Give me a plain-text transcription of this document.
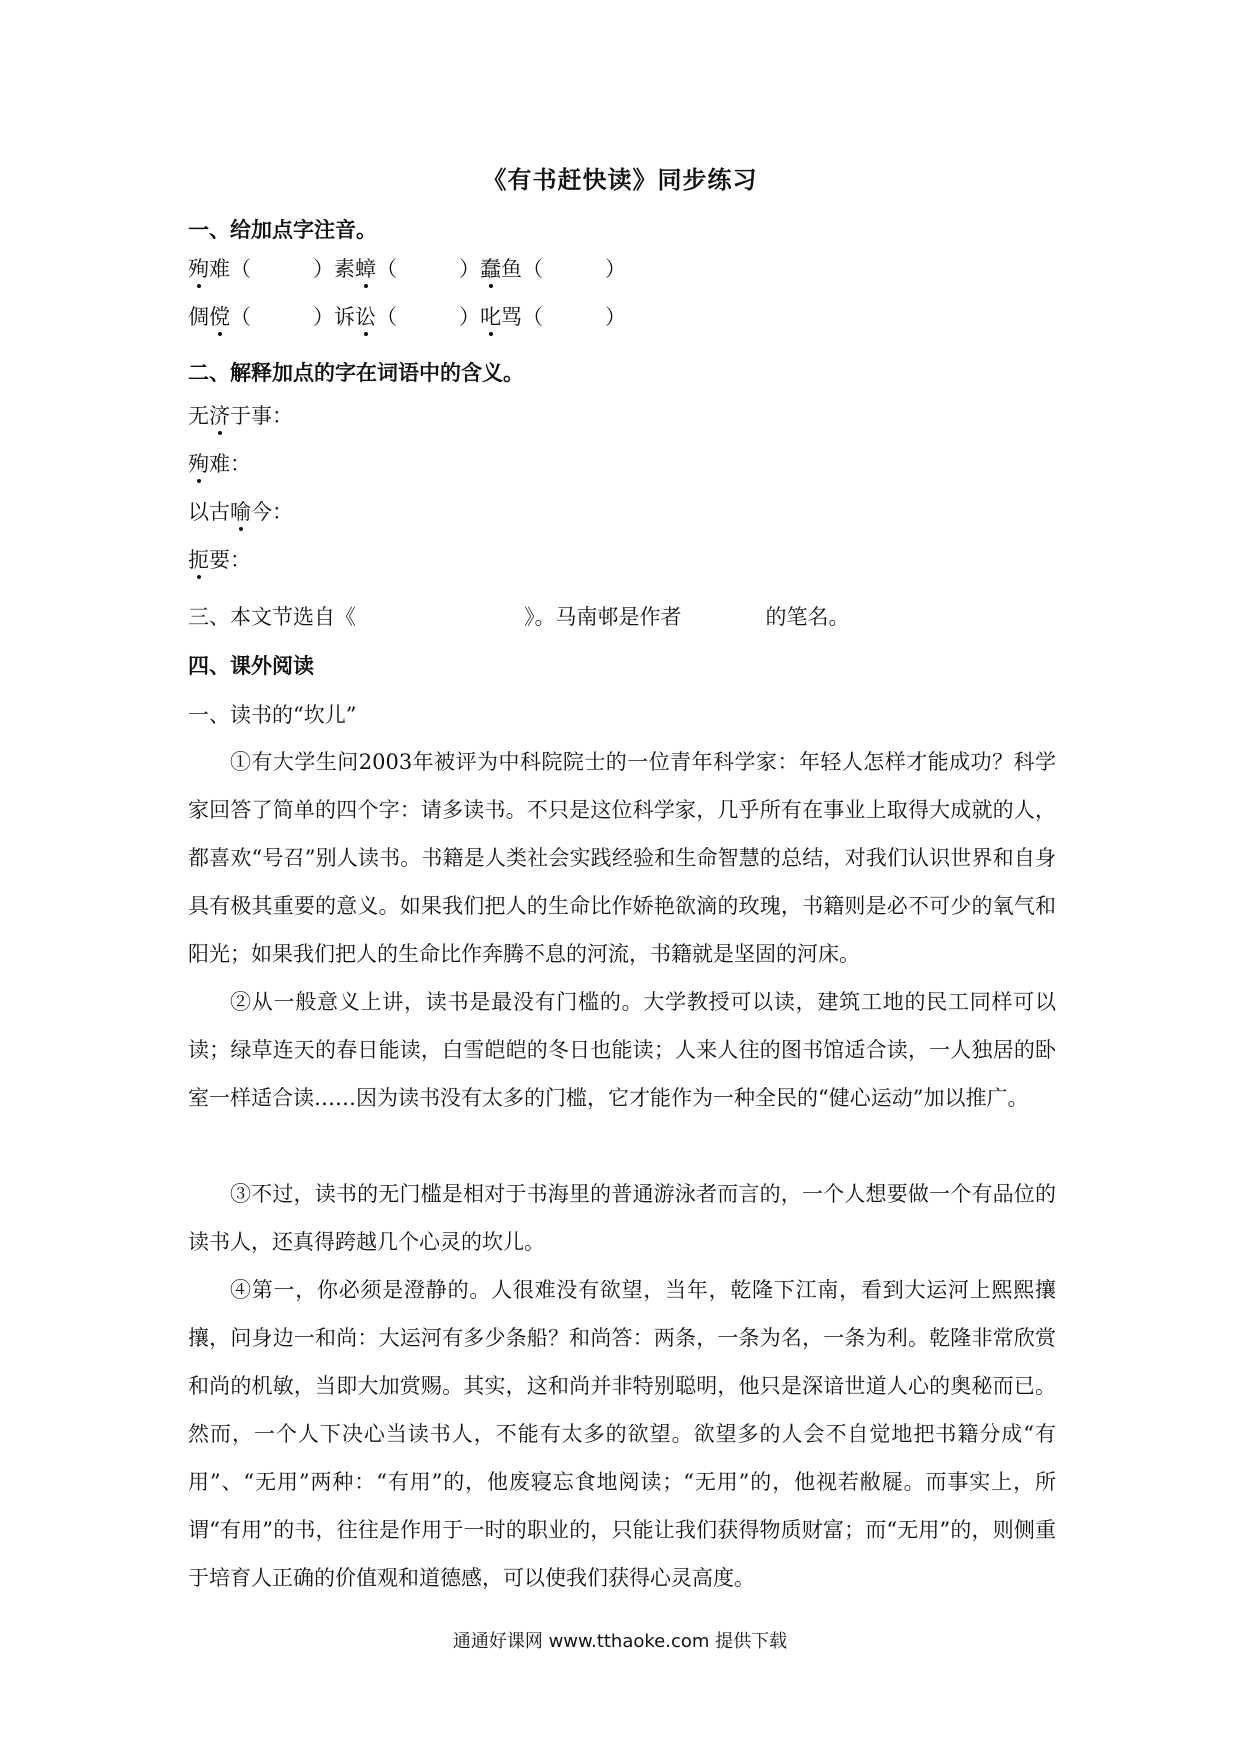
《有书赶快读》同步练习
一、给加点字注音。
殉难（	）素蟑（	）蠢鱼（	）
倜傥（	）诉讼（	）叱骂（	）
二、解释加点的字在词语中的含义。
无济于事：
殉难：
以古喻今：
扼要：
三、本文节选自《	》。马南邨是作者	的笔名。
四、课外阅读
一、读书的“坎儿”
①有大学生问2003年被评为中科院院士的一位青年科学家：年轻人怎样才能成功？科学家回答了简单的四个字：请多读书。不只是这位科学家，几乎所有在事业上取得大成就的人，都喜欢“号召”别人读书。书籍是人类社会实践经验和生命智慧的总结，对我们认识世界和自身具有极其重要的意义。如果我们把人的生命比作娇艳欲滴的玫瑰，书籍则是必不可少的氧气和阳光；如果我们把人的生命比作奔腾不息的河流，书籍就是坚固的河床。
②从一般意义上讲，读书是最没有门槛的。大学教授可以读，建筑工地的民工同样可以读；绿草连天的春日能读，白雪皑皑的冬日也能读；人来人往的图书馆适合读，一人独居的卧室一样适合读……因为读书没有太多的门槛，它才能作为一种全民的“健心运动”加以推广。
③不过，读书的无门槛是相对于书海里的普通游泳者而言的，一个人想要做一个有品位的读书人，还真得跨越几个心灵的坎儿。
④第一，你必须是澄静的。人很难没有欲望，当年，乾隆下江南，看到大运河上熙熙攘攘，问身边一和尚：大运河有多少条船？和尚答：两条，一条为名，一条为利。乾隆非常欣赏和尚的机敏，当即大加赏赐。其实，这和尚并非特别聪明，他只是深谙世道人心的奥秘而已。然而，一个人下决心当读书人，不能有太多的欲望。欲望多的人会不自觉地把书籍分成“有用”、“无用”两种：“有用”的，他废寝忘食地阅读；“无用”的，他视若敝屣。而事实上，所谓“有用”的书，往往是作用于一时的职业的，只能让我们获得物质财富；而“无用”的，则侧重于培育人正确的价值观和道德感，可以使我们获得心灵高度。
通通好课网 www.tthaoke.com 提供下载
